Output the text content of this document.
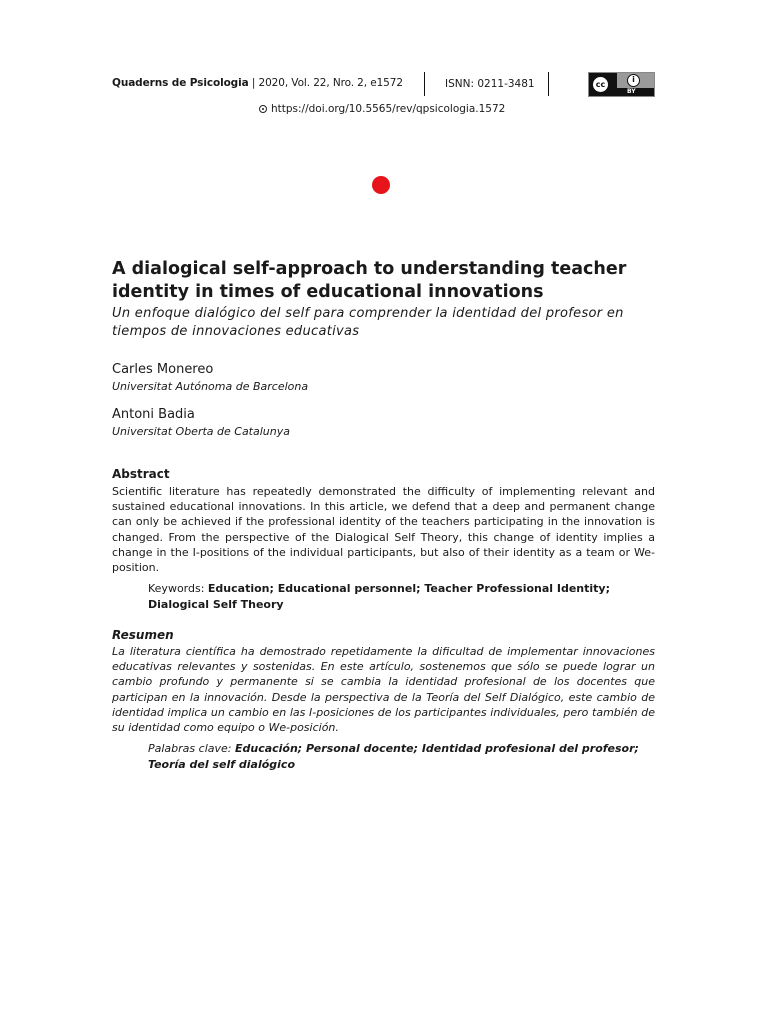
Quaderns de Psicologia | 2020, Vol. 22, Nro. 2, e1572	ISNN: 0211-3481	cc
i
BY
https://doi.org/10.5565/rev/qpsicologia.1572
A dialogical self-approach to understanding teacher identity in times of educational innovations

Un enfoque dialógico del self para comprender la identidad del profesor en tiempos de innovaciones educativas

Carles Monereo

Universitat Autónoma de Barcelona

Antoni Badia

Universitat Oberta de Catalunya

Abstract

Scientific literature has repeatedly demonstrated the difficulty of implementing relevant and sustained educational innovations. In this article, we defend that a deep and permanent change can only be achieved if the professional identity of the teachers participating in the innovation is changed. From the perspective of the Dialogical Self Theory, this change of identity implies a change in the I-positions of the individual participants, but also of their identity as a team or We-position.

Keywords: Education; Educational personnel; Teacher Professional Identity; Dialogical Self Theory

Resumen

La literatura científica ha demostrado repetidamente la dificultad de implementar innovaciones educativas relevantes y sostenidas. En este artículo, sostenemos que sólo se puede lograr un cambio profundo y permanente si se cambia la identidad profesional de los docentes que participan en la innovación. Desde la perspectiva de la Teoría del Self Dialógico, este cambio de identidad implica un cambio en las I-posiciones de los participantes individuales, pero también de su identidad como equipo o We-posición.

Palabras clave: Educación; Personal docente; Identidad profesional del profesor; Teoría del self dialógico
